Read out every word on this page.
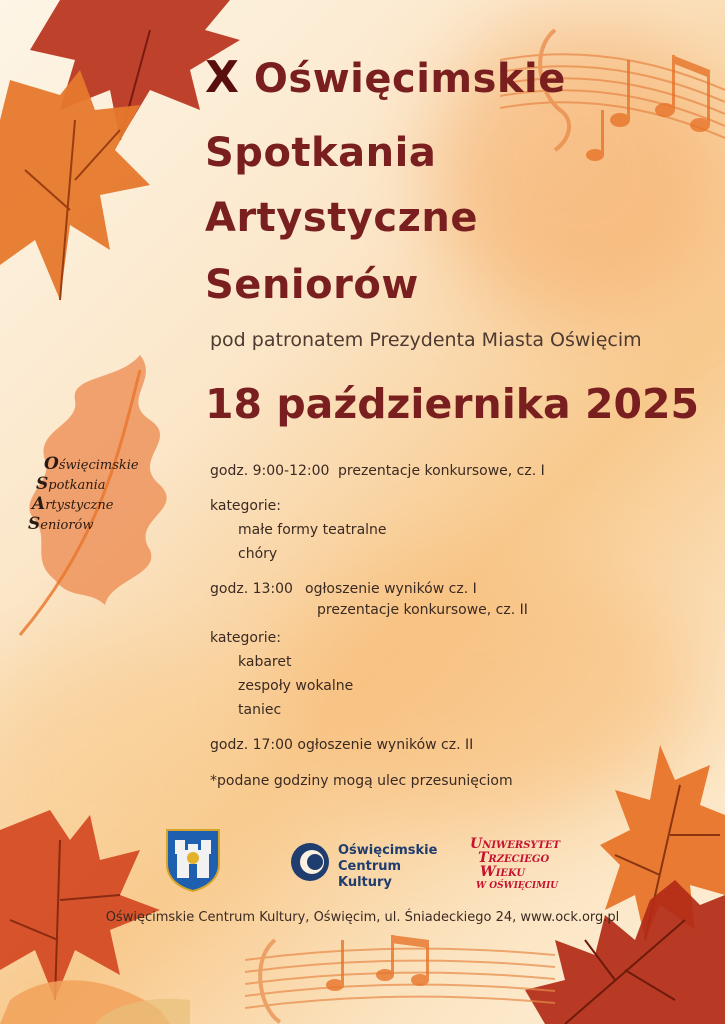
Oświęcimskie
Spotkania
Artystyczne
Seniorów

X Oświęcimskie

Spotkania

Artystyczne

Seniorów

pod patronatem Prezydenta Miasta Oświęcim

18 października 2025

godz. 9:00-12:00 prezentacje konkursowe, cz. I

kategorie:

małe formy teatralne

chóry

godz. 13:00 ogłoszenie wyników cz. I

prezentacje konkursowe, cz. II

kategorie:

kabaret

zespoły wokalne

taniec

godz. 17:00 ogłoszenie wyników cz. II

*podane godziny mogą ulec przesunięciom

Oświęcimskie
Centrum
Kultury
UNIWERSYTET
TRZECIEGO
WIEKU
W OŚWIĘCIMIU

Oświęcimskie Centrum Kultury, Oświęcim, ul. Śniadeckiego 24, www.ock.org.pl
